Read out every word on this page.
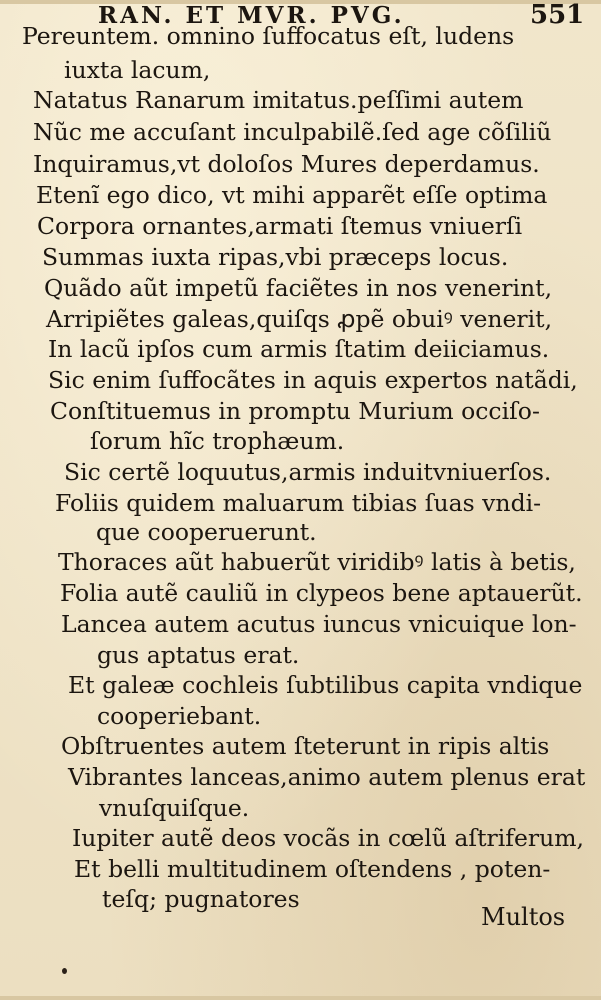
RAN. ET MVR. PVG.	551
Pereuntem. omnino ſuffocatus eſt, ludens
iuxta lacum,
Natatus Ranarum imitatus.peſſimi autem
Nũc me accuſant inculpabilẽ.ſed age cõſiliũ
Inquiramus,vt doloſos Mures deperdamus.
Etenĩ ego dico, vt mihi apparẽt eſſe optima
Corpora ornantes,armati ſtemus vniuerſi
Summas iuxta ripas,vbi præceps locus.
Quãdo aũt impetũ faciẽtes in nos venerint,
Arripiẽtes galeas,quiſqs ꝓpẽ obuiꝰ venerit,
In lacũ ipſos cum armis ſtatim deiiciamus.
Sic enim ſuffocãtes in aquis expertos natãdi,
Conſtituemus in promptu Murium occiſo-
ſorum hĩc trophæum.
Sic certẽ loquutus,armis induitvniuerſos.
Foliis quidem maluarum tibias ſuas vndi-
que cooperuerunt.
Thoraces aũt habuerũt viridibꝰ latis à betis,
Folia autẽ cauliũ in clypeos bene aptauerũt.
Lancea autem acutus iuncus vnicuique lon-
gus aptatus erat.
Et galeæ cochleis ſubtilibus capita vndique
cooperiebant.
Obſtruentes autem ſteterunt in ripis altis
Vibrantes lanceas,animo autem plenus erat
vnuſquiſque.
Iupiter autẽ deos vocãs in cœlũ aſtriferum,
Et belli multitudinem oſtendens , poten-
teſq; pugnatores
Multos
